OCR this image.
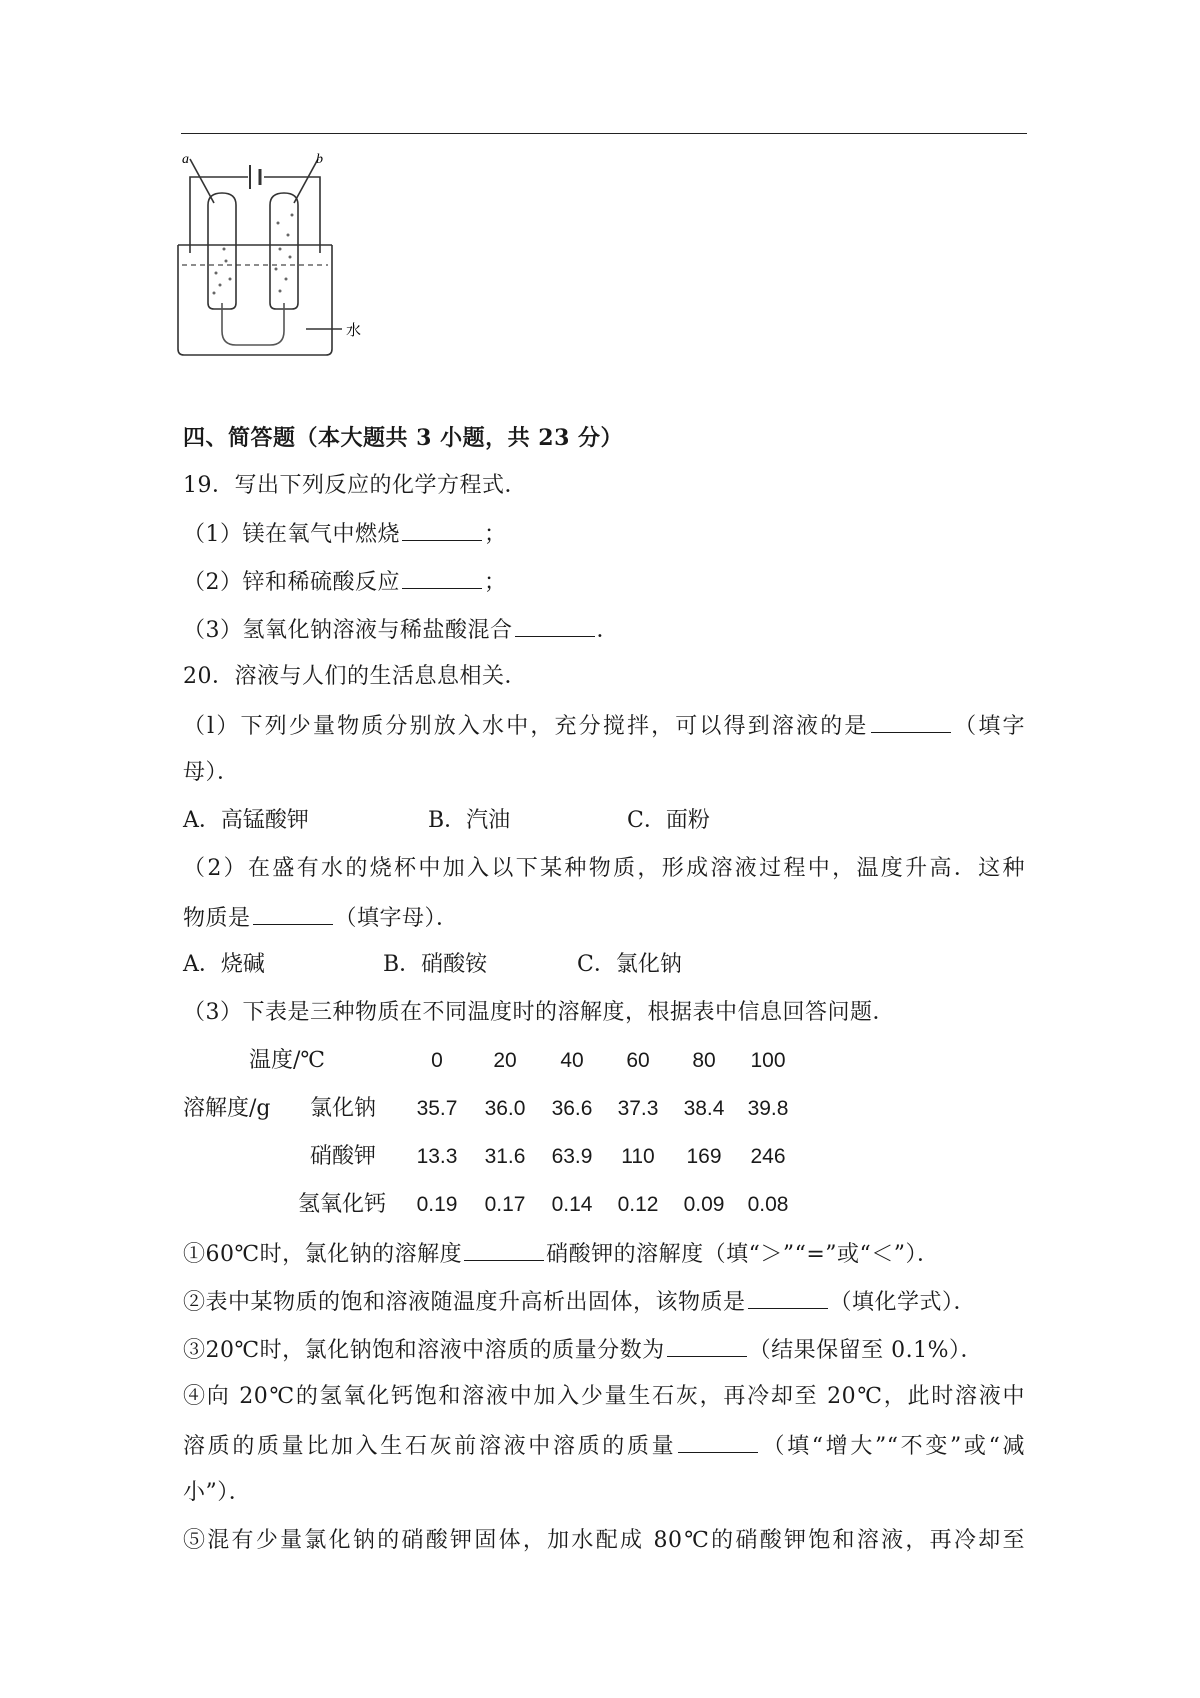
a	b
水
四、简答题（本大题共 3 小题，共 23 分）
19．写出下列反应的化学方程式．
（1）镁在氧气中燃烧	；
（2）锌和稀硫酸反应	；
（3）氢氧化钠溶液与稀盐酸混合	．
20．溶液与人们的生活息息相关．
（l）下列少量物质分别放入水中，充分搅拌，可以得到溶液的是	（填字
母）．
A．高锰酸钾	B．汽油	C．面粉
（2）在盛有水的烧杯中加入以下某种物质，形成溶液过程中，温度升高．这种
物质是	（填字母）．
A．烧碱	B．硝酸铵	C．氯化钠
（3）下表是三种物质在不同温度时的溶解度，根据表中信息回答问题．
温度/℃	0	20	40	60	80	100
溶解度/g 氯化钠	35.7	36.0	36.6	37.3	38.4	39.8
硝酸钾	13.3	31.6	63.9	110	169	246
氢氧化钙	0.19	0.17	0.14	0.12	0.09	0.08
①60℃时，氯化钠的溶解度	硝酸钾的溶解度（填“＞”“=”或“＜”）．
②表中某物质的饱和溶液随温度升高析出固体，该物质是	（填化学式）．
③20℃时，氯化钠饱和溶液中溶质的质量分数为	（结果保留至 0.1%）．
④向 20℃的氢氧化钙饱和溶液中加入少量生石灰，再冷却至 20℃，此时溶液中
溶质的质量比加入生石灰前溶液中溶质的质量	（填“增大”“不变”或“减
小”）．
⑤混有少量氯化钠的硝酸钾固体，加水配成 80℃的硝酸钾饱和溶液，再冷却至
